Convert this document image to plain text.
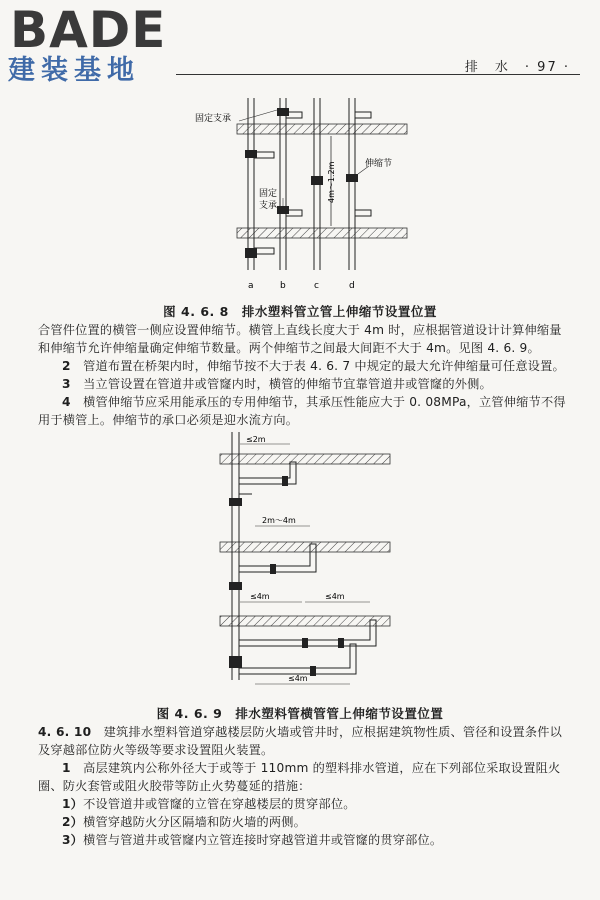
BADE
建装基地	排　水　· 97 ·
4m～1.2m
固定支承
固定
支承
伸缩节
a	b	c	d
图 4. 6. 8　排水塑料管立管上伸缩节设置位置
合管件位置的横管一侧应设置伸缩节。横管上直线长度大于 4m 时，应根据管道设计计算伸缩量和伸缩节允许伸缩量确定伸缩节数量。两个伸缩节之间最大间距不大于 4m。见图 4. 6. 9。
2　 管道布置在桥架内时，伸缩节按不大于表 4. 6. 7 中规定的最大允许伸缩量可任意设置。
3　 当立管设置在管道井或管窿内时，横管的伸缩节宜靠管道井或管窿的外侧。
4　 横管伸缩节应采用能承压的专用伸缩节，其承压性能应大于 0. 08MPa，立管伸缩节不得用于横管上。伸缩节的承口必须是迎水流方向。
≤2m
2m～4m
≤4m	≤4m
≤4m
图 4. 6. 9　排水塑料管横管管上伸缩节设置位置
4. 6. 10　 建筑排水塑料管道穿越楼层防火墙或管井时，应根据建筑物性质、管径和设置条件以及穿越部位防火等级等要求设置阻火装置。
1　 高层建筑内公称外径大于或等于 110mm 的塑料排水管道，应在下列部位采取设置阻火圈、防火套管或阻火胶带等防止火势蔓延的措施：
1）不设管道井或管窿的立管在穿越楼层的贯穿部位。
2）横管穿越防火分区隔墙和防火墙的两侧。
3）横管与管道井或管窿内立管连接时穿越管道井或管窿的贯穿部位。
